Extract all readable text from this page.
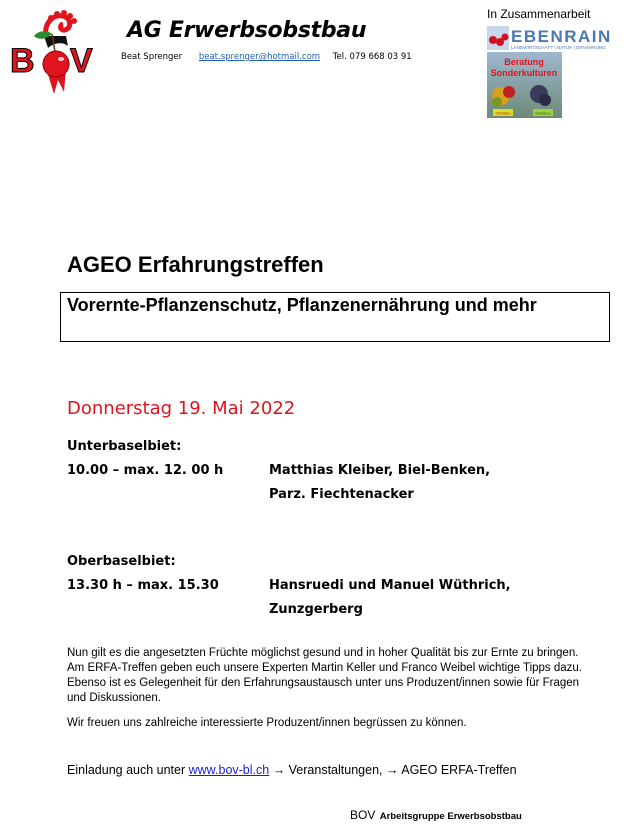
B V
AG Erwerbsobstbau
Beat Sprenger beat.sprenger@hotmail.com Tel. 079 668 03 91
In Zusammenarbeit
EBENRAIN
LANDWIRTSCHAFT | NATUR | ERNÄHRUNG
Beratung
Sonderkulturen
Obstbau	Weinbau
AGEO Erfahrungstreffen
Vorernte-Pflanzenschutz, Pflanzenernährung und mehr
Donnerstag 19. Mai 2022
Unterbaselbiet:
10.00 – max. 12. 00 h	Matthias Kleiber, Biel-Benken,
Parz. Fiechtenacker
Oberbaselbiet:
13.30 h – max. 15.30	Hansruedi und Manuel Wüthrich,
Zunzgerberg
Nun gilt es die angesetzten Früchte möglichst gesund und in hoher Qualität bis zur Ernte zu bringen. Am ERFA-Treffen geben euch unsere Experten Martin Keller und Franco Weibel wichtige Tipps dazu. Ebenso ist es Gelegenheit für den Erfahrungsaustausch unter uns Produzent/innen sowie für Fragen und Diskussionen.
Wir freuen uns zahlreiche interessierte Produzent/innen begrüssen zu können.
Einladung auch unter www.bov-bl.ch → Veranstaltungen, → AGEO ERFA-Treffen
BOV Arbeitsgruppe Erwerbsobstbau
